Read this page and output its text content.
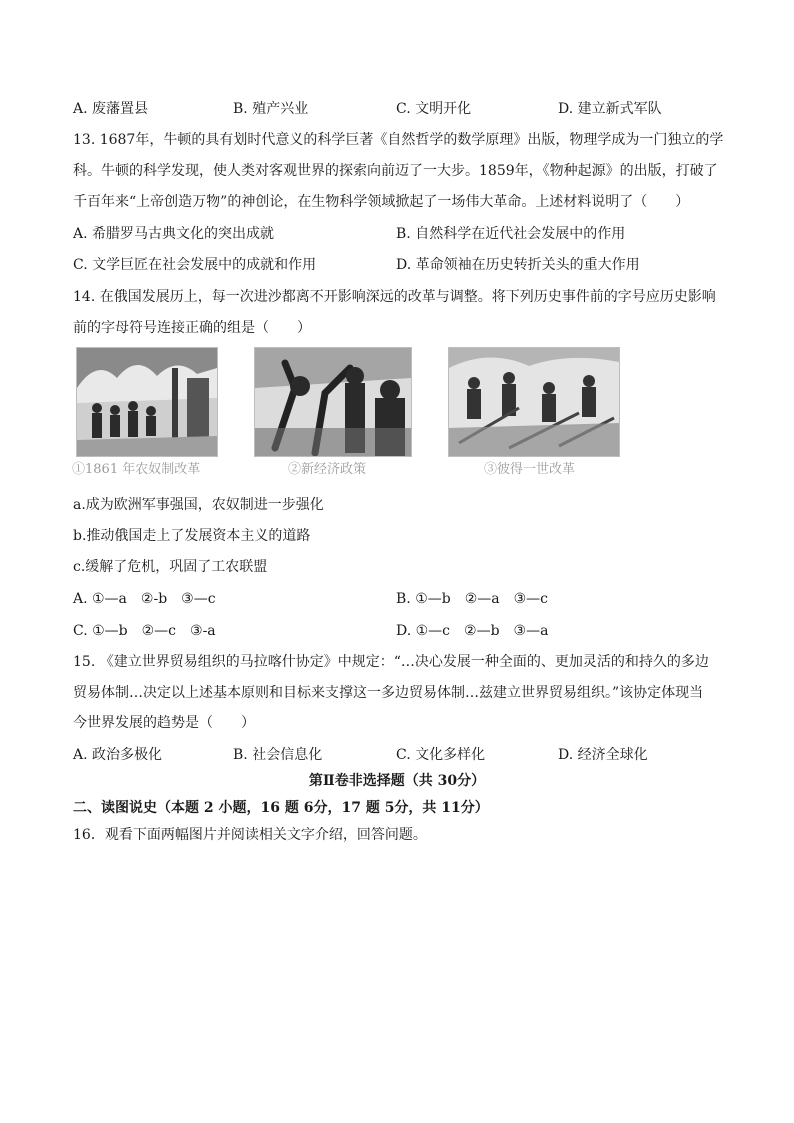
A. 废藩置县	B. 殖产兴业	C. 文明开化	D. 建立新式军队
13. 1687年，牛顿的具有划时代意义的科学巨著《自然哲学的数学原理》出版，物理学成为一门独立的学
科。牛顿的科学发现，使人类对客观世界的探索向前迈了一大步。1859年，《物种起源》的出版，打破了
千百年来“上帝创造万物”的神创论，在生物科学领域掀起了一场伟大革命。上述材料说明了（　　）
A. 希腊罗马古典文化的突出成就	B. 自然科学在近代社会发展中的作用
C. 文学巨匠在社会发展中的成就和作用	D. 革命领袖在历史转折关头的重大作用
14. 在俄国发展历上，每一次进沙都离不开影响深远的改革与调整。将下列历史事件前的字号应历史影响
前的字母符号连接正确的组是（　　）
①1861 年农奴制改革	②新经济政策	③彼得一世改革
a.成为欧洲军事强国，农奴制进一步强化
b.推动俄国走上了发展资本主义的道路
c.缓解了危机，巩固了工农联盟
A. ①—a　②-b　③—c	B. ①—b　②—a　③—c
C. ①—b　②—c　③-a	D. ①—c　②—b　③—a
15. 《建立世界贸易组织的马拉喀什协定》中规定：“…决心发展一种全面的、更加灵活的和持久的多边
贸易体制…决定以上述基本原则和目标来支撑这一多边贸易体制…兹建立世界贸易组织。”该协定体现当
今世界发展的趋势是（　　）
A. 政治多极化	B. 社会信息化	C. 文化多样化	D. 经济全球化
第Ⅱ卷非选择题（共 30分）
二、读图说史（本题 2 小题，16 题 6分，17 题 5分，共 11分）
16．观看下面两幅图片并阅读相关文字介绍，回答问题。
